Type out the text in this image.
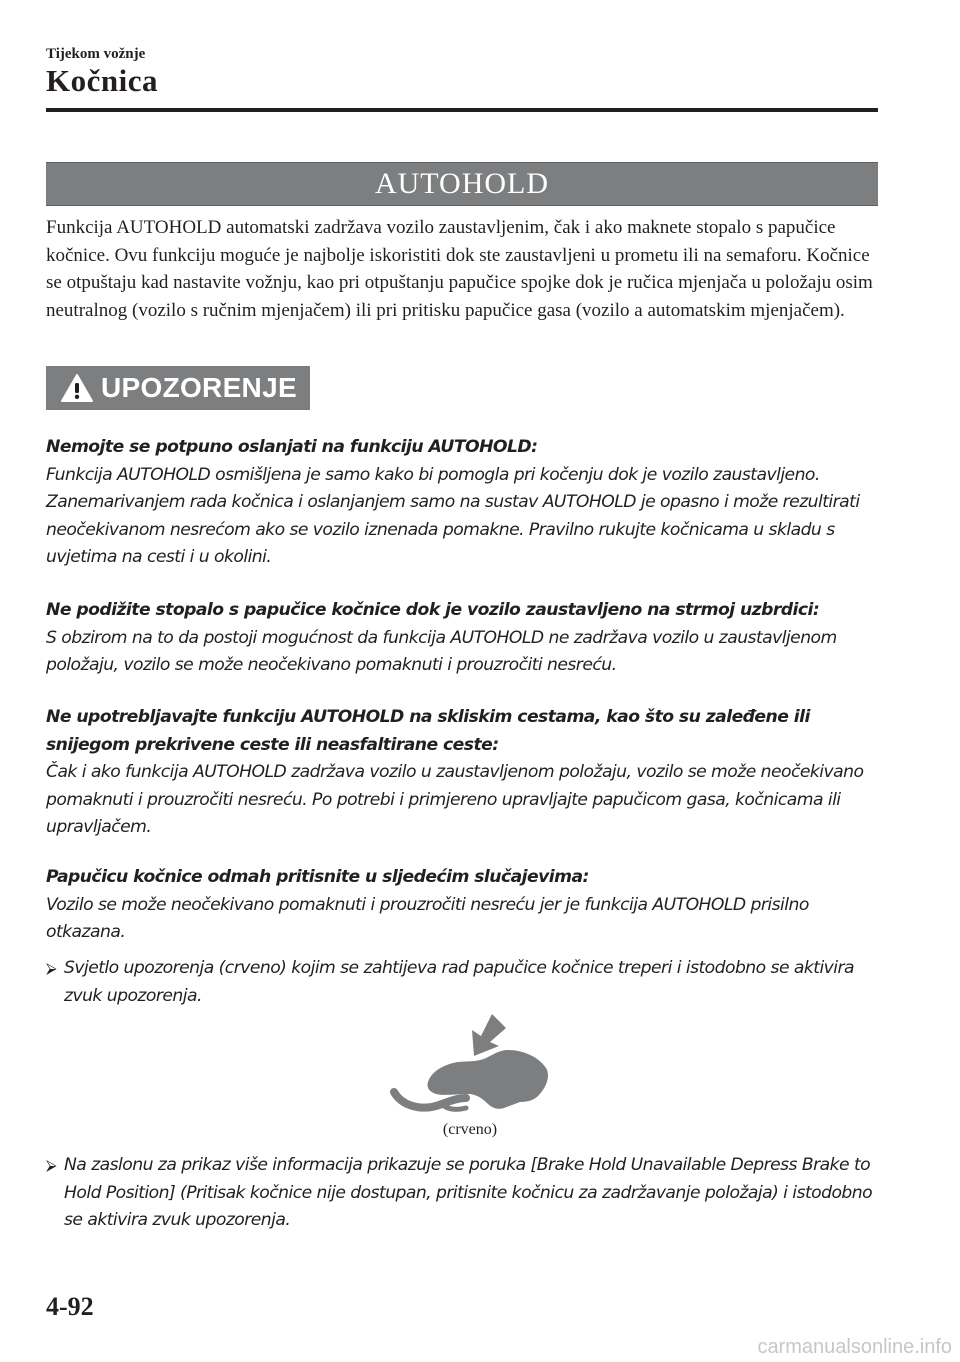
Tijekom vožnje
Kočnica
AUTOHOLD

Funkcija AUTOHOLD automatski zadržava vozilo zaustavljenim, čak i ako maknete stopalo s papučice kočnice. Ovu funkciju moguće je najbolje iskoristiti dok ste zaustavljeni u prometu ili na semaforu. Kočnice se otpuštaju kad nastavite vožnju, kao pri otpuštanju papučice spojke dok je ručica mjenjača u položaju osim neutralnog (vozilo s ručnim mjenjačem) ili pri pritisku papučice gasa (vozilo a automatskim mjenjačem).

UPOZORENJE
Nemojte se potpuno oslanjati na funkciju AUTOHOLD:
Funkcija AUTOHOLD osmišljena je samo kako bi pomogla pri kočenju dok je vozilo zaustavljeno. Zanemarivanjem rada kočnica i oslanjanjem samo na sustav AUTOHOLD je opasno i može rezultirati neočekivanom nesrećom ako se vozilo iznenada pomakne. Pravilno rukujte kočnicama u skladu s uvjetima na cesti i u okolini.
Ne podižite stopalo s papučice kočnice dok je vozilo zaustavljeno na strmoj uzbrdici:
S obzirom na to da postoji mogućnost da funkcija AUTOHOLD ne zadržava vozilo u zaustavljenom položaju, vozilo se može neočekivano pomaknuti i prouzročiti nesreću.
Ne upotrebljavajte funkciju AUTOHOLD na skliskim cestama, kao što su zaleđene ili snijegom prekrivene ceste ili neasfaltirane ceste:
Čak i ako funkcija AUTOHOLD zadržava vozilo u zaustavljenom položaju, vozilo se može neočekivano pomaknuti i prouzročiti nesreću. Po potrebi i primjereno upravljajte papučicom gasa, kočnicama ili upravljačem.
Papučicu kočnice odmah pritisnite u sljedećim slučajevima:
Vozilo se može neočekivano pomaknuti i prouzročiti nesreću jer je funkcija AUTOHOLD prisilno otkazana.
⮚ Svjetlo upozorenja (crveno) kojim se zahtijeva rad papučice kočnice treperi i istodobno se aktivira zvuk upozorenja.
(crveno)
⮚ Na zaslonu za prikaz više informacija prikazuje se poruka [Brake Hold Unavailable Depress Brake to Hold Position] (Pritisak kočnice nije dostupan, pritisnite kočnicu za zadržavanje položaja) i istodobno se aktivira zvuk upozorenja.
4-92
carmanualsonline.info
